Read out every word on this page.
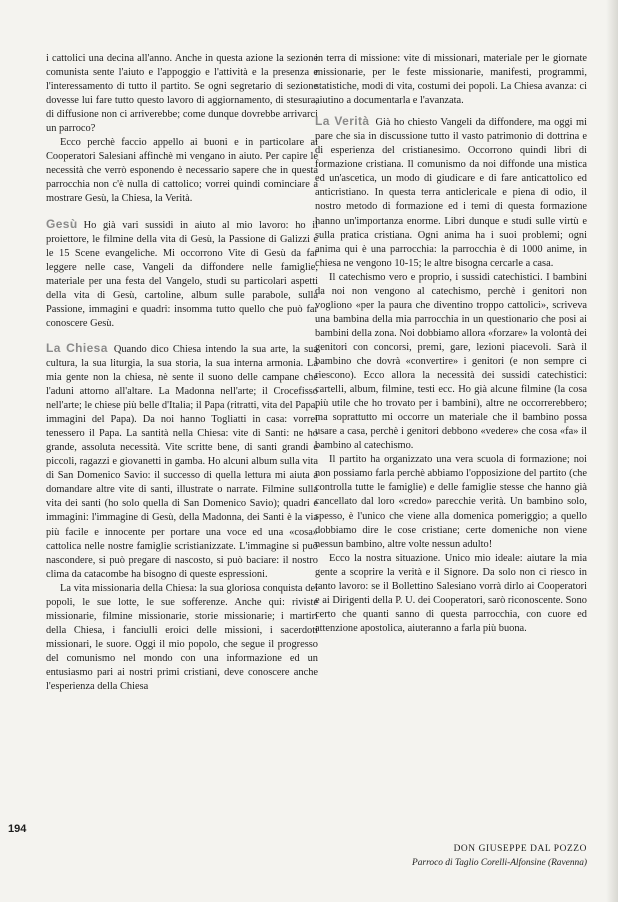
i cattolici una decina all'anno. Anche in questa azione la sezione comunista sente l'aiuto e l'appoggio e l'attività e la presenza e l'interessamento di tutto il partito. Se ogni segretario di sezione dovesse lui fare tutto questo lavoro di aggiornamento, di stesura, di diffusione non ci arriverebbe; come dunque dovrebbe arrivarci un parroco?

Ecco perchè faccio appello ai buoni e in particolare ai Cooperatori Salesiani affinchè mi vengano in aiuto. Per capire le necessità che verrò esponendo è necessario sapere che in questa parrocchia non c'è nulla di cattolico; vorrei quindi cominciare a mostrare Gesù, la Chiesa, la Verità.

Gesù Ho già vari sussidi in aiuto al mio lavoro: ho il proiettore, le filmine della vita di Gesù, la Passione di Galizzi e le 15 Scene evangeliche. Mi occorrono Vite di Gesù da far leggere nelle case, Vangeli da diffondere nelle famiglie, materiale per una festa del Vangelo, studi su particolari aspetti della vita di Gesù, cartoline, album sulle parabole, sulla Passione, immagini e quadri: insomma tutto quello che può far conoscere Gesù.

La Chiesa Quando dico Chiesa intendo la sua arte, la sua cultura, la sua liturgia, la sua storia, la sua interna armonia. La mia gente non la chiesa, nè sente il suono delle campane che l'aduni attorno all'altare. La Madonna nell'arte; il Crocefisso nell'arte; le chiese più belle d'Italia; il Papa (ritratti, vita del Papa, immagini del Papa). Da noi hanno Togliatti in casa: vorrei tenessero il Papa. La santità nella Chiesa: vite di Santi: ne ho grande, assoluta necessità. Vite scritte bene, di santi grandi e piccoli, ragazzi e giovanetti in gamba. Ho alcuni album sulla vita di San Domenico Savio: il successo di quella lettura mi aiuta a domandare altre vite di santi, illustrate o narrate. Filmine sulla vita dei santi (ho solo quella di San Domenico Savio); quadri e immagini: l'immagine di Gesù, della Madonna, dei Santi è la via più facile e innocente per portare una voce ed una «cosa» cattolica nelle nostre famiglie scristianizzate. L'immagine si può nascondere, si può pregare di nascosto, si può baciare: il nostro clima da catacombe ha bisogno di queste espressioni.

La vita missionaria della Chiesa: la sua gloriosa conquista dei popoli, le sue lotte, le sue sofferenze. Anche qui: riviste missionarie, filmine missionarie, storie missionarie; i martiri della Chiesa, i fanciulli eroici delle missioni, i sacerdoti missionari, le suore. Oggi il mio popolo, che segue il progresso del comunismo nel mondo con una informazione ed un entusiasmo pari ai nostri primi cristiani, deve conoscere anche l'esperienza della Chiesa

in terra di missione: vite di missionari, materiale per le giornate missionarie, per le feste missionarie, manifesti, programmi, statistiche, modi di vita, costumi dei popoli. La Chiesa avanza: ci aiutino a documentarla e l'avanzata.

La Verità Già ho chiesto Vangeli da diffondere, ma oggi mi pare che sia in discussione tutto il vasto patrimonio di dottrina e di esperienza del cristianesimo. Occorrono quindi libri di formazione cristiana. Il comunismo da noi diffonde una mistica ed un'ascetica, un modo di giudicare e di fare anticattolico ed anticristiano. In questa terra anticlericale e piena di odio, il nostro metodo di formazione ed i temi di questa formazione hanno un'importanza enorme. Libri dunque e studi sulle virtù e sulla pratica cristiana. Ogni anima ha i suoi problemi; ogni anima qui è una parrocchia: la parrocchia è di 1000 anime, in chiesa ne vengono 10-15; le altre bisogna cercarle a casa.

Il catechismo vero e proprio, i sussidi catechistici. I bambini da noi non vengono al catechismo, perchè i genitori non vogliono «per la paura che diventino troppo cattolici», scriveva una bambina della mia parrocchia in un questionario che posi ai bambini della zona. Noi dobbiamo allora «forzare» la volontà dei genitori con concorsi, premi, gare, lezioni piacevoli. Sarà il bambino che dovrà «convertire» i genitori (e non sempre ci riescono). Ecco allora la necessità dei sussidi catechistici: cartelli, album, filmine, testi ecc. Ho già alcune filmine (la cosa più utile che ho trovato per i bambini), altre ne occorrerebbero; ma soprattutto mi occorre un materiale che il bambino possa usare a casa, perchè i genitori debbono «vedere» che cosa «fa» il bambino al catechismo.

Il partito ha organizzato una vera scuola di formazione; noi non possiamo farla perchè abbiamo l'opposizione del partito (che controlla tutte le famiglie) e delle famiglie stesse che hanno già cancellato dal loro «credo» parecchie verità. Un bambino solo, spesso, è l'unico che viene alla domenica pomeriggio; a quello dobbiamo dire le cose cristiane; certe domeniche non viene nessun bambino, altre volte nessun adulto!

Ecco la nostra situazione. Unico mio ideale: aiutare la mia gente a scoprire la verità e il Signore. Da solo non ci riesco in tanto lavoro: se il Bollettino Salesiano vorrà dirlo ai Cooperatori e ai Dirigenti della P. U. dei Cooperatori, sarò riconoscente. Sono certo che quanti sanno di questa parrocchia, con cuore ed attenzione apostolica, aiuteranno a farla più buona.

194
DON GIUSEPPE DAL POZZO
Parroco di Taglio Corelli-Alfonsine (Ravenna)
